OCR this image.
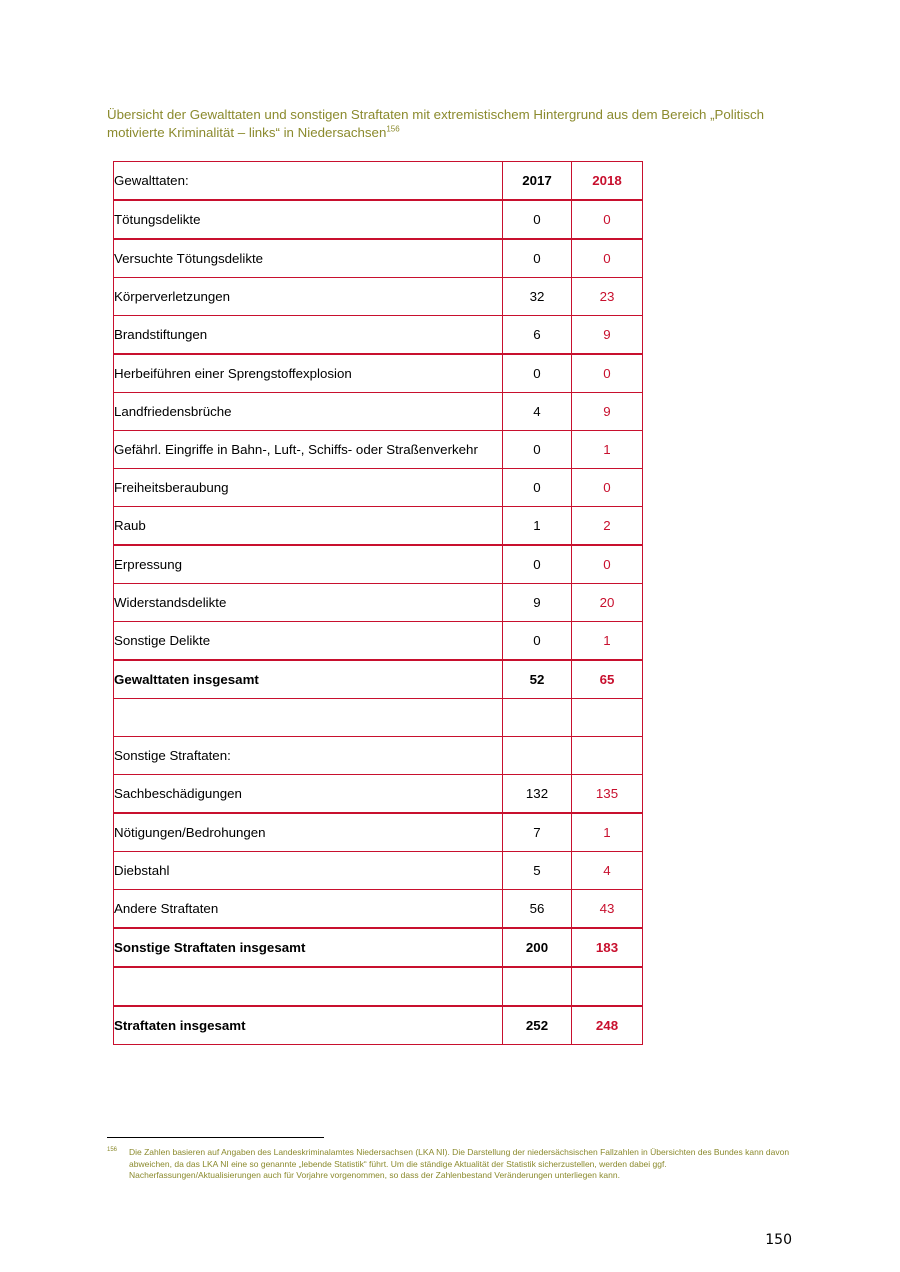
Übersicht der Gewalttaten und sonstigen Straftaten mit extremistischem Hintergrund aus dem Bereich „Politisch motivierte Kriminalität – links“ in Niedersachsen$^{156}$
Gewalttaten:	2017	2018
Tötungsdelikte	0	0
Versuchte Tötungsdelikte	0	0
Körperverletzungen	32	23
Brandstiftungen	6	9
Herbeiführen einer Sprengstoffexplosion	0	0
Landfriedensbrüche	4	9
Gefährl. Eingriffe in Bahn-, Luft-, Schiffs- oder Straßenverkehr	0	1
Freiheitsberaubung	0	0
Raub	1	2
Erpressung	0	0
Widerstandsdelikte	9	20
Sonstige Delikte	0	1
Gewalttaten insgesamt	52	65

Sonstige Straftaten:		
Sachbeschädigungen	132	135
Nötigungen/Bedrohungen	7	1
Diebstahl	5	4
Andere Straftaten	56	43
Sonstige Straftaten insgesamt	200	183

Straftaten insgesamt	252	248
156	Die Zahlen basieren auf Angaben des Landeskriminalamtes Niedersachsen (LKA NI). Die Darstellung der niedersächsischen Fallzahlen in Übersichten des Bundes kann davon abweichen, da das LKA NI eine so genannte „lebende Statistik“ führt. Um die ständige Aktualität der Statistik sicherzustellen, werden dabei ggf. Nacherfassungen/Aktualisierungen auch für Vorjahre vorgenommen, so dass der Zahlenbestand Veränderungen unterliegen kann.
150
